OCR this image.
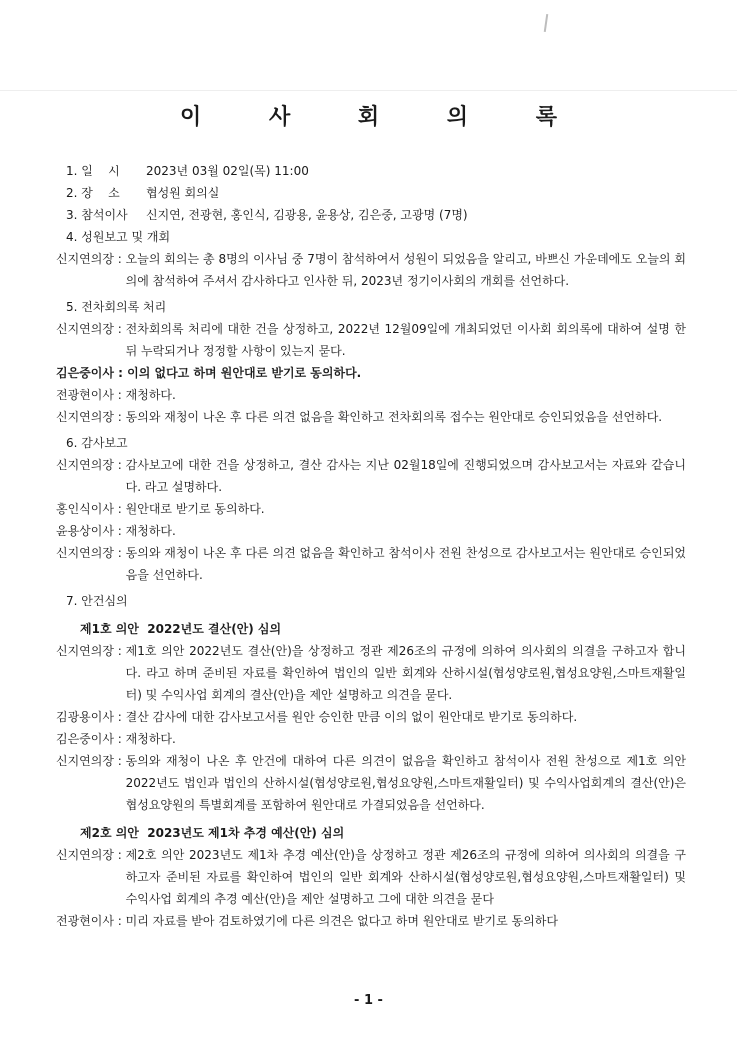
이 사 회 의 록
1. 일    시	2023년 03월 02일(목) 11:00
2. 장    소	협성원 회의실
3. 참석이사	신지연, 전광현, 홍인식, 김광용, 윤용상, 김은중, 고광명 (7명)
4. 성원보고 및 개회
신지연의장 : 오늘의 회의는 총 8명의 이사님 중 7명이 참석하여서 성원이 되었음을 알리고, 바쁘신 가운데에도 오늘의 회의에 참석하여 주셔서 감사하다고 인사한 뒤, 2023년 정기이사회의 개회를 선언하다.
5. 전차회의록 처리
신지연의장 : 전차회의록 처리에 대한 건을 상정하고, 2022년 12월09일에 개최되었던 이사회 회의록에 대하여 설명 한 뒤 누락되거나 정정할 사항이 있는지 묻다.
김은중이사 : 이의 없다고 하며 원안대로 받기로 동의하다.
전광현이사 : 재청하다.
신지연의장 : 동의와 재청이 나온 후 다른 의견 없음을 확인하고 전차회의록 접수는 원안대로 승인되었음을 선언하다.
6. 감사보고
신지연의장 : 감사보고에 대한 건을 상정하고, 결산 감사는 지난 02월18일에 진행되었으며 감사보고서는 자료와 같습니다. 라고 설명하다.
홍인식이사 : 원안대로 받기로 동의하다.
윤용상이사 : 재청하다.
신지연의장 : 동의와 재청이 나온 후 다른 의견 없음을 확인하고 참석이사 전원 찬성으로 감사보고서는 원안대로 승인되었음을 선언하다.
7. 안건심의
제1호 의안  2022년도 결산(안) 심의
신지연의장 : 제1호 의안 2022년도 결산(안)을 상정하고 정관 제26조의 규정에 의하여 의사회의 의결을 구하고자 합니다. 라고 하며 준비된 자료를 확인하여 법인의 일반 회계와 산하시설(협성양로원,협성요양원,스마트재활일터) 및 수익사업 회계의 결산(안)을 제안 설명하고 의견을 묻다.
김광용이사 : 결산 감사에 대한 감사보고서를 원안 승인한 만큼 이의 없이 원안대로 받기로 동의하다.
김은중이사 : 재청하다.
신지연의장 : 동의와 재청이 나온 후 안건에 대하여 다른 의견이 없음을 확인하고 참석이사 전원 찬성으로 제1호 의안 2022년도 법인과 법인의 산하시설(협성양로원,협성요양원,스마트재활일터) 및 수익사업회계의 결산(안)은 협성요양원의 특별회계를 포함하여 원안대로 가결되었음을 선언하다.
제2호 의안  2023년도 제1차 추경 예산(안) 심의
신지연의장 : 제2호 의안 2023년도 제1차 추경 예산(안)을 상정하고 정관 제26조의 규정에 의하여 의사회의 의결을 구하고자 준비된 자료를 확인하여 법인의 일반 회계와 산하시설(협성양로원,협성요양원,스마트재활일터) 및 수익사업 회계의 추경 예산(안)을 제안 설명하고 그에 대한 의견을 묻다
전광현이사 : 미리 자료를 받아 검토하였기에 다른 의견은 없다고 하며 원안대로 받기로 동의하다
- 1 -
